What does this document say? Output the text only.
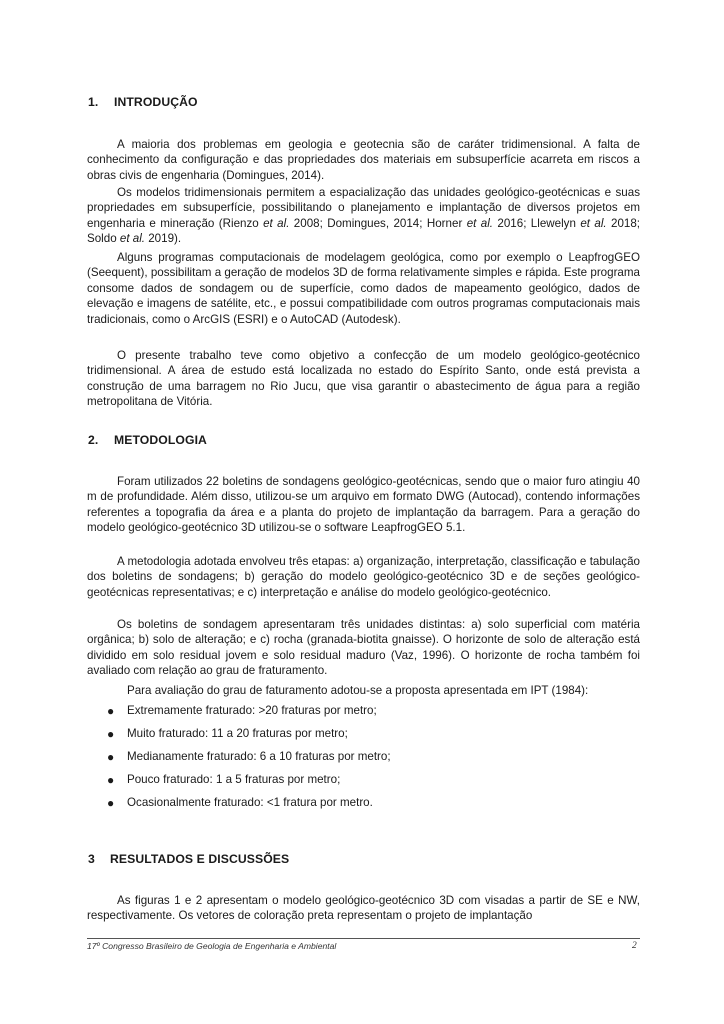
1. INTRODUÇÃO

A maioria dos problemas em geologia e geotecnia são de caráter tridimensional. A falta de conhecimento da configuração e das propriedades dos materiais em subsuperfície acarreta em riscos a obras civis de engenharia (Domingues, 2014).

Os modelos tridimensionais permitem a espacialização das unidades geológico-geotécnicas e suas propriedades em subsuperfície, possibilitando o planejamento e implantação de diversos projetos em engenharia e mineração (Rienzo et al. 2008; Domingues, 2014; Horner et al. 2016; Llewelyn et al. 2018; Soldo et al. 2019).

Alguns programas computacionais de modelagem geológica, como por exemplo o LeapfrogGEO (Seequent), possibilitam a geração de modelos 3D de forma relativamente simples e rápida. Este programa consome dados de sondagem ou de superfície, como dados de mapeamento geológico, dados de elevação e imagens de satélite, etc., e possui compatibilidade com outros programas computacionais mais tradicionais, como o ArcGIS (ESRI) e o AutoCAD (Autodesk).

O presente trabalho teve como objetivo a confecção de um modelo geológico-geotécnico tridimensional. A área de estudo está localizada no estado do Espírito Santo, onde está prevista a construção de uma barragem no Rio Jucu, que visa garantir o abastecimento de água para a região metropolitana de Vitória.

2. METODOLOGIA

Foram utilizados 22 boletins de sondagens geológico-geotécnicas, sendo que o maior furo atingiu 40 m de profundidade. Além disso, utilizou-se um arquivo em formato DWG (Autocad), contendo informações referentes a topografia da área e a planta do projeto de implantação da barragem. Para a geração do modelo geológico-geotécnico 3D utilizou-se o software LeapfrogGEO 5.1.

A metodologia adotada envolveu três etapas: a) organização, interpretação, classificação e tabulação dos boletins de sondagens; b) geração do modelo geológico-geotécnico 3D e de seções geológico-geotécnicas representativas; e c) interpretação e análise do modelo geológico-geotécnico.

Os boletins de sondagem apresentaram três unidades distintas: a) solo superficial com matéria orgânica; b) solo de alteração; e c) rocha (granada-biotita gnaisse). O horizonte de solo de alteração está dividido em solo residual jovem e solo residual maduro (Vaz, 1996). O horizonte de rocha também foi avaliado com relação ao grau de fraturamento.

Para avaliação do grau de faturamento adotou-se a proposta apresentada em IPT (1984):

● Extremamente fraturado: >20 fraturas por metro;
● Muito fraturado: 11 a 20 fraturas por metro;
● Medianamente fraturado: 6 a 10 fraturas por metro;
● Pouco fraturado: 1 a 5 fraturas por metro;
● Ocasionalmente fraturado: <1 fratura por metro.
3 RESULTADOS E DISCUSSÕES

As figuras 1 e 2 apresentam o modelo geológico-geotécnico 3D com visadas a partir de SE e NW, respectivamente. Os vetores de coloração preta representam o projeto de implantação

17º Congresso Brasileiro de Geologia de Engenharia e Ambiental	2
